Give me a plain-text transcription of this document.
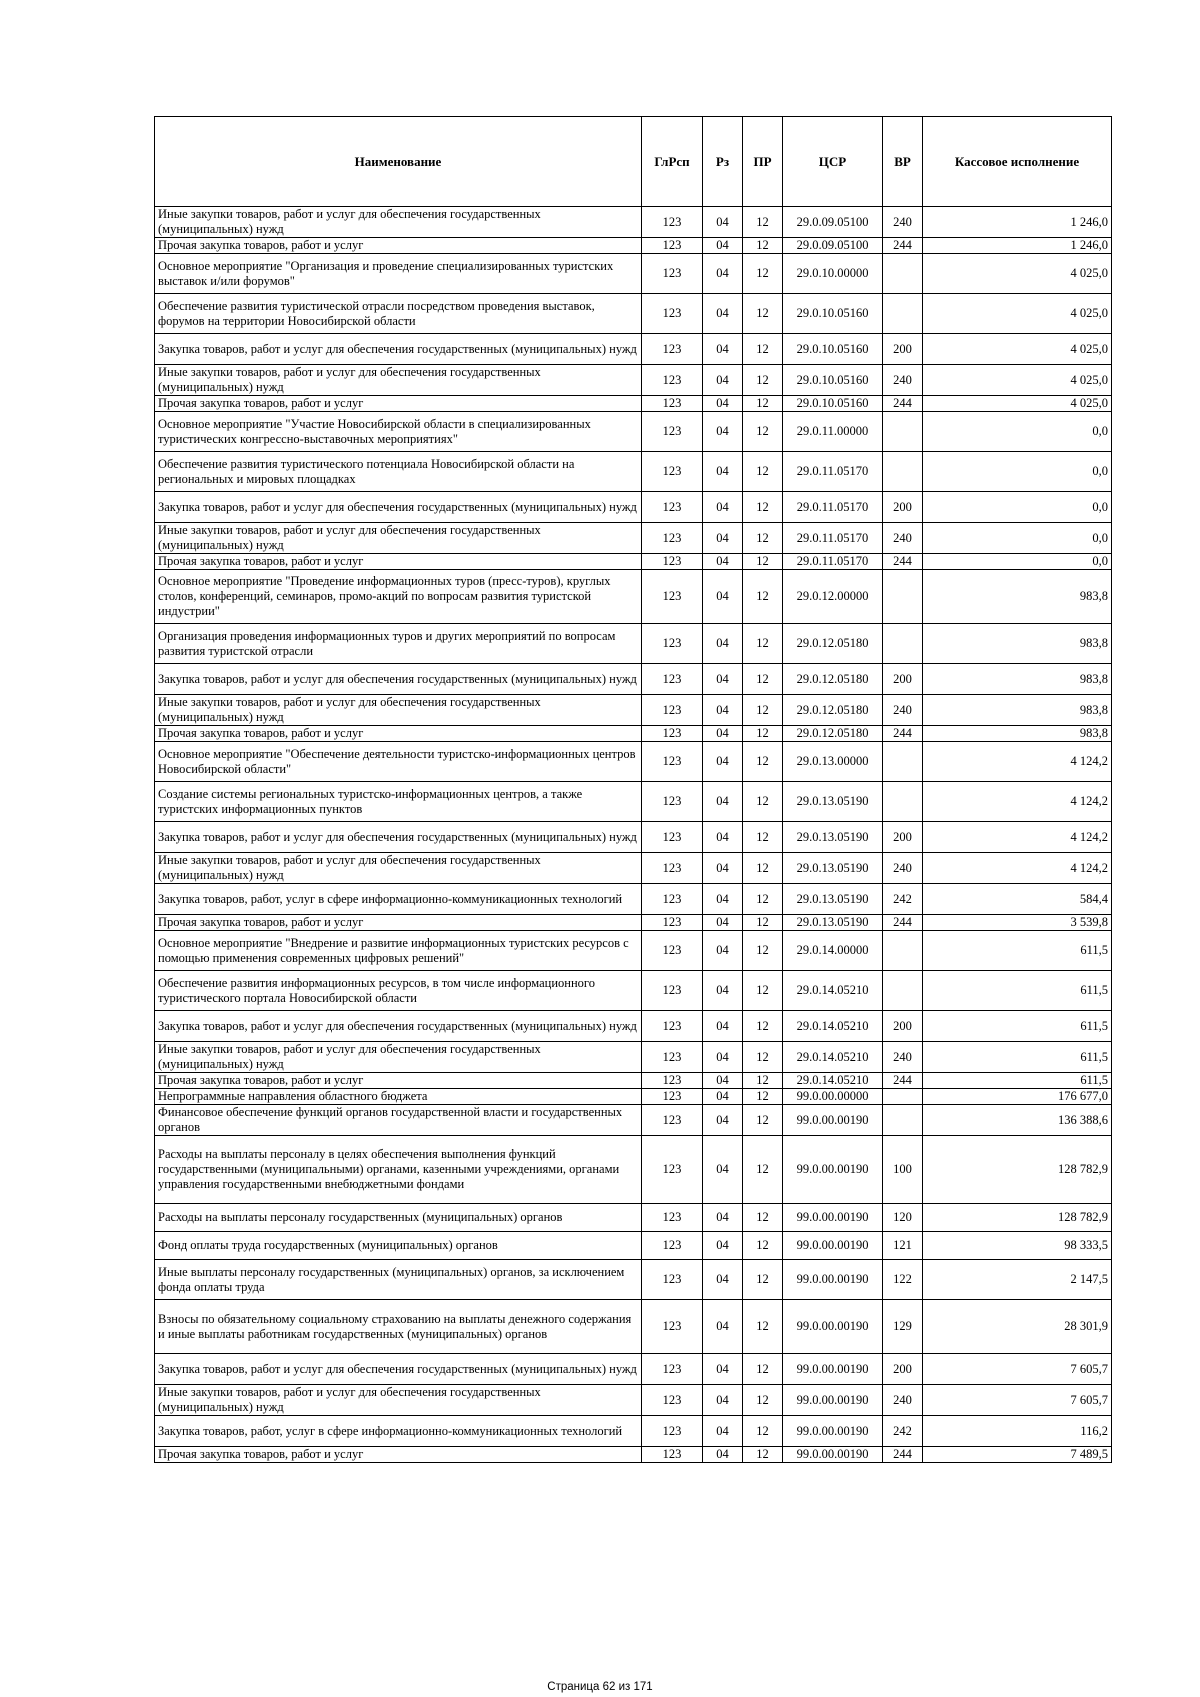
Наименование	ГлРсп	Рз	ПР	ЦСР	ВР	Кассовое исполнение
Иные закупки товаров, работ и услуг для обеспечения государственных (муниципальных) нужд	123	04	12	29.0.09.05100	240	1 246,0
Прочая закупка товаров, работ и услуг	123	04	12	29.0.09.05100	244	1 246,0
Основное мероприятие "Организация и проведение специализированных туристских выставок и/или форумов"	123	04	12	29.0.10.00000		4 025,0
Обеспечение развития туристической отрасли посредством проведения выставок, форумов на территории Новосибирской области	123	04	12	29.0.10.05160		4 025,0
Закупка товаров, работ и услуг для обеспечения государственных (муниципальных) нужд	123	04	12	29.0.10.05160	200	4 025,0
Иные закупки товаров, работ и услуг для обеспечения государственных (муниципальных) нужд	123	04	12	29.0.10.05160	240	4 025,0
Прочая закупка товаров, работ и услуг	123	04	12	29.0.10.05160	244	4 025,0
Основное мероприятие "Участие Новосибирской области в специализированных туристических конгрессно-выставочных мероприятиях"	123	04	12	29.0.11.00000		0,0
Обеспечение развития туристического потенциала Новосибирской области на региональных и мировых площадках	123	04	12	29.0.11.05170		0,0
Закупка товаров, работ и услуг для обеспечения государственных (муниципальных) нужд	123	04	12	29.0.11.05170	200	0,0
Иные закупки товаров, работ и услуг для обеспечения государственных (муниципальных) нужд	123	04	12	29.0.11.05170	240	0,0
Прочая закупка товаров, работ и услуг	123	04	12	29.0.11.05170	244	0,0
Основное мероприятие "Проведение информационных туров (пресс-туров), круглых столов, конференций, семинаров, промо-акций по вопросам развития туристской индустрии"	123	04	12	29.0.12.00000		983,8
Организация проведения информационных туров и других мероприятий по вопросам развития туристской отрасли	123	04	12	29.0.12.05180		983,8
Закупка товаров, работ и услуг для обеспечения государственных (муниципальных) нужд	123	04	12	29.0.12.05180	200	983,8
Иные закупки товаров, работ и услуг для обеспечения государственных (муниципальных) нужд	123	04	12	29.0.12.05180	240	983,8
Прочая закупка товаров, работ и услуг	123	04	12	29.0.12.05180	244	983,8
Основное мероприятие "Обеспечение деятельности туристско-информационных центров Новосибирской области"	123	04	12	29.0.13.00000		4 124,2
Создание системы региональных туристско-информационных центров, а также туристских информационных пунктов	123	04	12	29.0.13.05190		4 124,2
Закупка товаров, работ и услуг для обеспечения государственных (муниципальных) нужд	123	04	12	29.0.13.05190	200	4 124,2
Иные закупки товаров, работ и услуг для обеспечения государственных (муниципальных) нужд	123	04	12	29.0.13.05190	240	4 124,2
Закупка товаров, работ, услуг в сфере информационно-коммуникационных технологий	123	04	12	29.0.13.05190	242	584,4
Прочая закупка товаров, работ и услуг	123	04	12	29.0.13.05190	244	3 539,8
Основное мероприятие "Внедрение и развитие информационных туристских ресурсов с помощью применения современных цифровых решений"	123	04	12	29.0.14.00000		611,5
Обеспечение развития информационных ресурсов, в том числе информационного туристического портала Новосибирской области	123	04	12	29.0.14.05210		611,5
Закупка товаров, работ и услуг для обеспечения государственных (муниципальных) нужд	123	04	12	29.0.14.05210	200	611,5
Иные закупки товаров, работ и услуг для обеспечения государственных (муниципальных) нужд	123	04	12	29.0.14.05210	240	611,5
Прочая закупка товаров, работ и услуг	123	04	12	29.0.14.05210	244	611,5
Непрограммные направления областного бюджета	123	04	12	99.0.00.00000		176 677,0
Финансовое обеспечение функций органов государственной власти и государственных органов	123	04	12	99.0.00.00190		136 388,6
Расходы на выплаты персоналу в целях обеспечения выполнения функций государственными (муниципальными) органами, казенными учреждениями, органами управления государственными внебюджетными фондами	123	04	12	99.0.00.00190	100	128 782,9
Расходы на выплаты персоналу государственных (муниципальных) органов	123	04	12	99.0.00.00190	120	128 782,9
Фонд оплаты труда государственных (муниципальных) органов	123	04	12	99.0.00.00190	121	98 333,5
Иные выплаты персоналу государственных (муниципальных) органов, за исключением фонда оплаты труда	123	04	12	99.0.00.00190	122	2 147,5
Взносы по обязательному социальному страхованию на выплаты денежного содержания и иные выплаты работникам государственных (муниципальных) органов	123	04	12	99.0.00.00190	129	28 301,9
Закупка товаров, работ и услуг для обеспечения государственных (муниципальных) нужд	123	04	12	99.0.00.00190	200	7 605,7
Иные закупки товаров, работ и услуг для обеспечения государственных (муниципальных) нужд	123	04	12	99.0.00.00190	240	7 605,7
Закупка товаров, работ, услуг в сфере информационно-коммуникационных технологий	123	04	12	99.0.00.00190	242	116,2
Прочая закупка товаров, работ и услуг	123	04	12	99.0.00.00190	244	7 489,5
Страница 62 из 171
